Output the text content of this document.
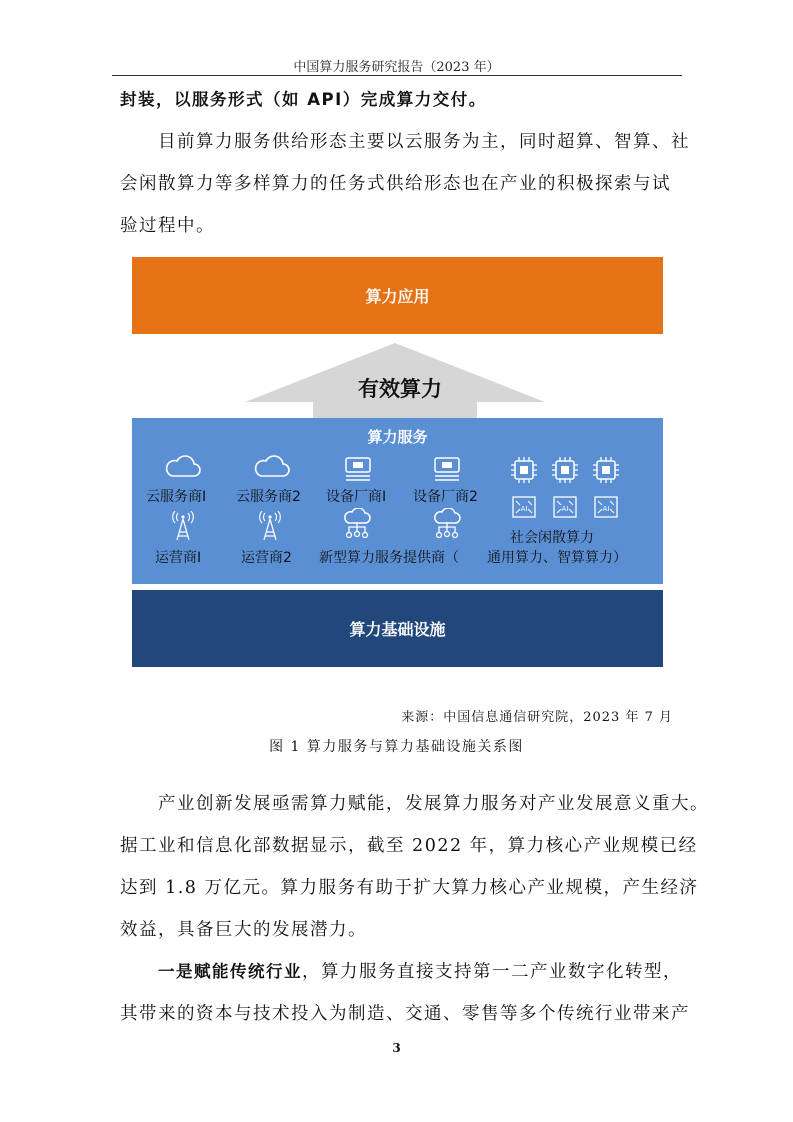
中国算力服务研究报告（2023 年）
封装，以服务形式（如 API）完成算力交付。
目前算力服务供给形态主要以云服务为主，同时超算、智算、社
会闲散算力等多样算力的任务式供给形态也在产业的积极探索与试
验过程中。
算力应用
有效算力
算力服务
云服务商Ⅰ 云服务商2 设备厂商Ⅰ 设备厂商2
AI	AI	AI
社会闲散算力
运营商Ⅰ	运营商2 新型算力服务提供商（ 通用算力、智算算力）
算力基础设施
来源：中国信息通信研究院，2023 年 7 月
图 1 算力服务与算力基础设施关系图
产业创新发展亟需算力赋能，发展算力服务对产业发展意义重大。
据工业和信息化部数据显示，截至 2022 年，算力核心产业规模已经
达到 1.8 万亿元。算力服务有助于扩大算力核心产业规模，产生经济
效益，具备巨大的发展潜力。
一是赋能传统行业，算力服务直接支持第一二产业数字化转型，
其带来的资本与技术投入为制造、交通、零售等多个传统行业带来产
3
